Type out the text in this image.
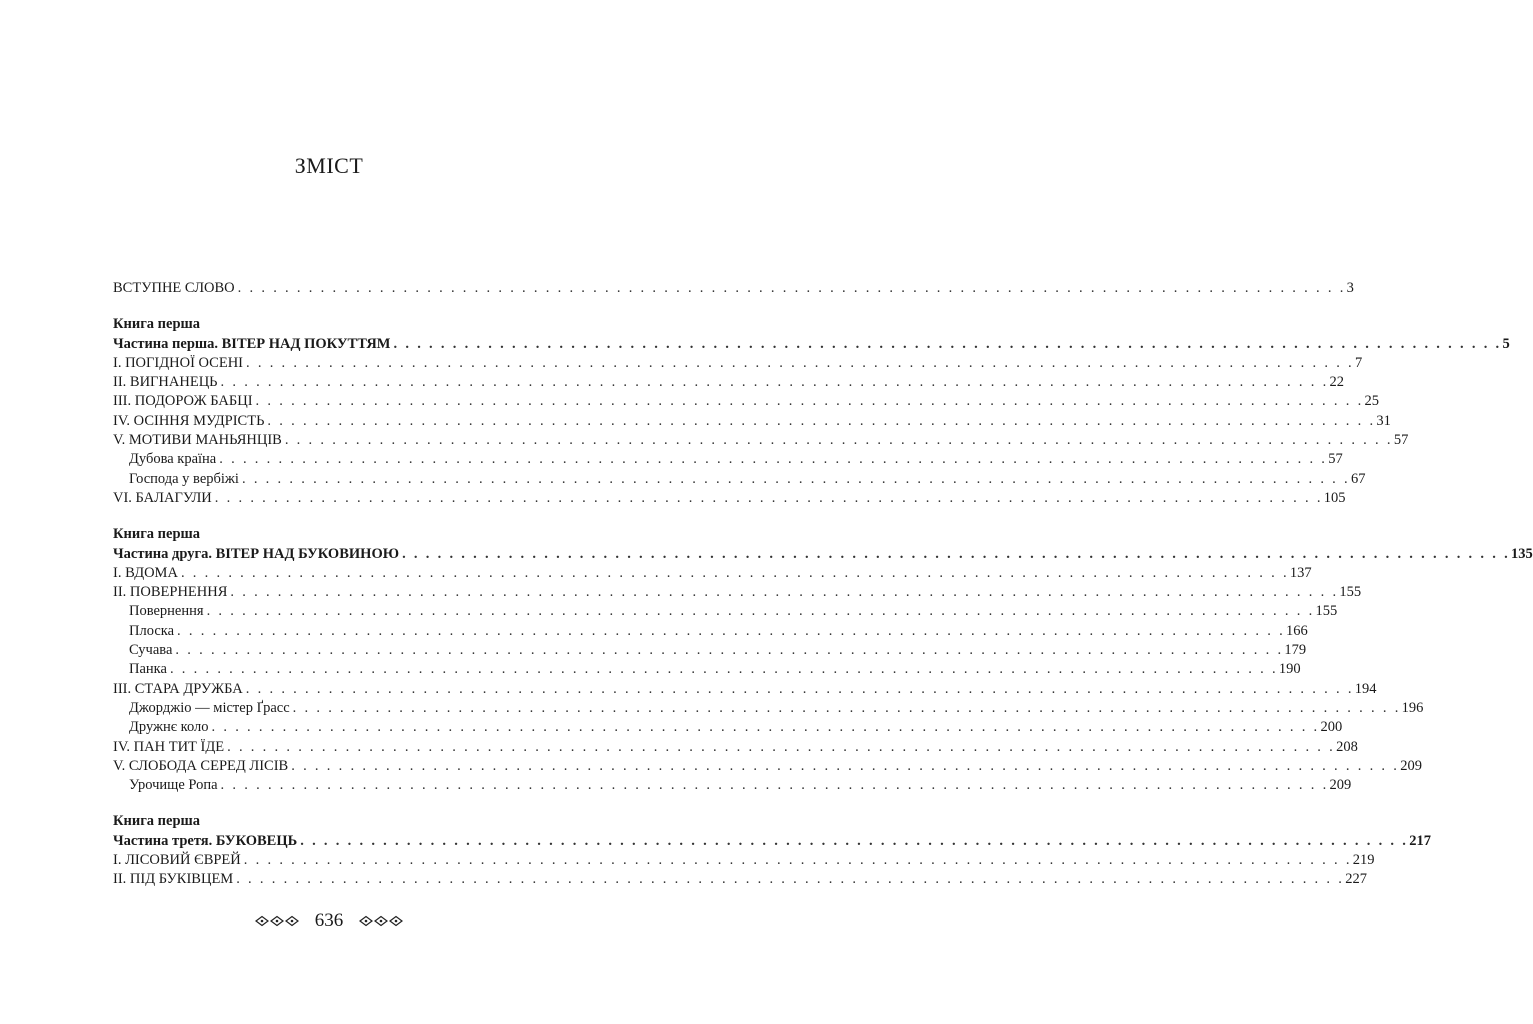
ЗМІСТ
ВСТУПНЕ СЛОВО . . . . . . . . . . . . . . . . . . . . . . . . . . . . . . . . . . . . . . . . . . . . . . . . . . . . . . . . . . . . . . . . . . . . . . . . . . . . . . . . . . . . . . . . . . . . . . 3
Книга перша
Частина перша. ВІТЕР НАД ПОКУТТЯМ . . . . . . . . . . . . . . . . . . . . . . . . . . . . . . . . . . . . . . . . . . . . . . . . . . . . . . . . . . . . . . . . . . . . . . . . . . . . . . . . . . . . . . . . . . . . . . 5
І. ПОГІДНОЇ ОСЕНІ . . . . . . . . . . . . . . . . . . . . . . . . . . . . . . . . . . . . . . . . . . . . . . . . . . . . . . . . . . . . . . . . . . . . . . . . . . . . . . . . . . . . . . . . . . . . . . 7
ІІ. ВИГНАНЕЦЬ . . . . . . . . . . . . . . . . . . . . . . . . . . . . . . . . . . . . . . . . . . . . . . . . . . . . . . . . . . . . . . . . . . . . . . . . . . . . . . . . . . . . . . . . . . . . . . 22
ІІІ. ПОДОРОЖ БАБЦІ . . . . . . . . . . . . . . . . . . . . . . . . . . . . . . . . . . . . . . . . . . . . . . . . . . . . . . . . . . . . . . . . . . . . . . . . . . . . . . . . . . . . . . . . . . . . . . 25
ІV. ОСІННЯ МУДРІСТЬ . . . . . . . . . . . . . . . . . . . . . . . . . . . . . . . . . . . . . . . . . . . . . . . . . . . . . . . . . . . . . . . . . . . . . . . . . . . . . . . . . . . . . . . . . . . . . . 31
V. МОТИВИ МАНЬЯНЦІВ . . . . . . . . . . . . . . . . . . . . . . . . . . . . . . . . . . . . . . . . . . . . . . . . . . . . . . . . . . . . . . . . . . . . . . . . . . . . . . . . . . . . . . . . . . . . . . 57
Дубова країна . . . . . . . . . . . . . . . . . . . . . . . . . . . . . . . . . . . . . . . . . . . . . . . . . . . . . . . . . . . . . . . . . . . . . . . . . . . . . . . . . . . . . . . . . . . . . . 57
Господа у вербіжі . . . . . . . . . . . . . . . . . . . . . . . . . . . . . . . . . . . . . . . . . . . . . . . . . . . . . . . . . . . . . . . . . . . . . . . . . . . . . . . . . . . . . . . . . . . . . . 67
VІ. БАЛАГУЛИ . . . . . . . . . . . . . . . . . . . . . . . . . . . . . . . . . . . . . . . . . . . . . . . . . . . . . . . . . . . . . . . . . . . . . . . . . . . . . . . . . . . . . . . . . . . . . . 105
Книга перша
Частина друга. ВІТЕР НАД БУКОВИНОЮ . . . . . . . . . . . . . . . . . . . . . . . . . . . . . . . . . . . . . . . . . . . . . . . . . . . . . . . . . . . . . . . . . . . . . . . . . . . . . . . . . . . . . . . . . . . . . . 135
І. ВДОМА . . . . . . . . . . . . . . . . . . . . . . . . . . . . . . . . . . . . . . . . . . . . . . . . . . . . . . . . . . . . . . . . . . . . . . . . . . . . . . . . . . . . . . . . . . . . . . 137
ІІ. ПОВЕРНЕННЯ . . . . . . . . . . . . . . . . . . . . . . . . . . . . . . . . . . . . . . . . . . . . . . . . . . . . . . . . . . . . . . . . . . . . . . . . . . . . . . . . . . . . . . . . . . . . . . 155
Повернення . . . . . . . . . . . . . . . . . . . . . . . . . . . . . . . . . . . . . . . . . . . . . . . . . . . . . . . . . . . . . . . . . . . . . . . . . . . . . . . . . . . . . . . . . . . . . . 155
Плоска . . . . . . . . . . . . . . . . . . . . . . . . . . . . . . . . . . . . . . . . . . . . . . . . . . . . . . . . . . . . . . . . . . . . . . . . . . . . . . . . . . . . . . . . . . . . . . 166
Сучава . . . . . . . . . . . . . . . . . . . . . . . . . . . . . . . . . . . . . . . . . . . . . . . . . . . . . . . . . . . . . . . . . . . . . . . . . . . . . . . . . . . . . . . . . . . . . . 179
Панка . . . . . . . . . . . . . . . . . . . . . . . . . . . . . . . . . . . . . . . . . . . . . . . . . . . . . . . . . . . . . . . . . . . . . . . . . . . . . . . . . . . . . . . . . . . . . . 190
ІІІ. СТАРА ДРУЖБА . . . . . . . . . . . . . . . . . . . . . . . . . . . . . . . . . . . . . . . . . . . . . . . . . . . . . . . . . . . . . . . . . . . . . . . . . . . . . . . . . . . . . . . . . . . . . . 194
Джорджіо — містер Ґрасс . . . . . . . . . . . . . . . . . . . . . . . . . . . . . . . . . . . . . . . . . . . . . . . . . . . . . . . . . . . . . . . . . . . . . . . . . . . . . . . . . . . . . . . . . . . . . . 196
Дружнє коло . . . . . . . . . . . . . . . . . . . . . . . . . . . . . . . . . . . . . . . . . . . . . . . . . . . . . . . . . . . . . . . . . . . . . . . . . . . . . . . . . . . . . . . . . . . . . . 200
ІV. ПАН ТИТ ЇДЕ . . . . . . . . . . . . . . . . . . . . . . . . . . . . . . . . . . . . . . . . . . . . . . . . . . . . . . . . . . . . . . . . . . . . . . . . . . . . . . . . . . . . . . . . . . . . . . 208
V. СЛОБОДА СЕРЕД ЛІСІВ . . . . . . . . . . . . . . . . . . . . . . . . . . . . . . . . . . . . . . . . . . . . . . . . . . . . . . . . . . . . . . . . . . . . . . . . . . . . . . . . . . . . . . . . . . . . . . 209
Урочище Ропа . . . . . . . . . . . . . . . . . . . . . . . . . . . . . . . . . . . . . . . . . . . . . . . . . . . . . . . . . . . . . . . . . . . . . . . . . . . . . . . . . . . . . . . . . . . . . . 209
Книга перша
Частина третя. БУКОВЕЦЬ . . . . . . . . . . . . . . . . . . . . . . . . . . . . . . . . . . . . . . . . . . . . . . . . . . . . . . . . . . . . . . . . . . . . . . . . . . . . . . . . . . . . . . . . . . . . . . 217
І. ЛІСОВИЙ ЄВРЕЙ . . . . . . . . . . . . . . . . . . . . . . . . . . . . . . . . . . . . . . . . . . . . . . . . . . . . . . . . . . . . . . . . . . . . . . . . . . . . . . . . . . . . . . . . . . . . . . 219
ІІ. ПІД БУКІВЦЕМ . . . . . . . . . . . . . . . . . . . . . . . . . . . . . . . . . . . . . . . . . . . . . . . . . . . . . . . . . . . . . . . . . . . . . . . . . . . . . . . . . . . . . . . . . . . . . . 227
636
